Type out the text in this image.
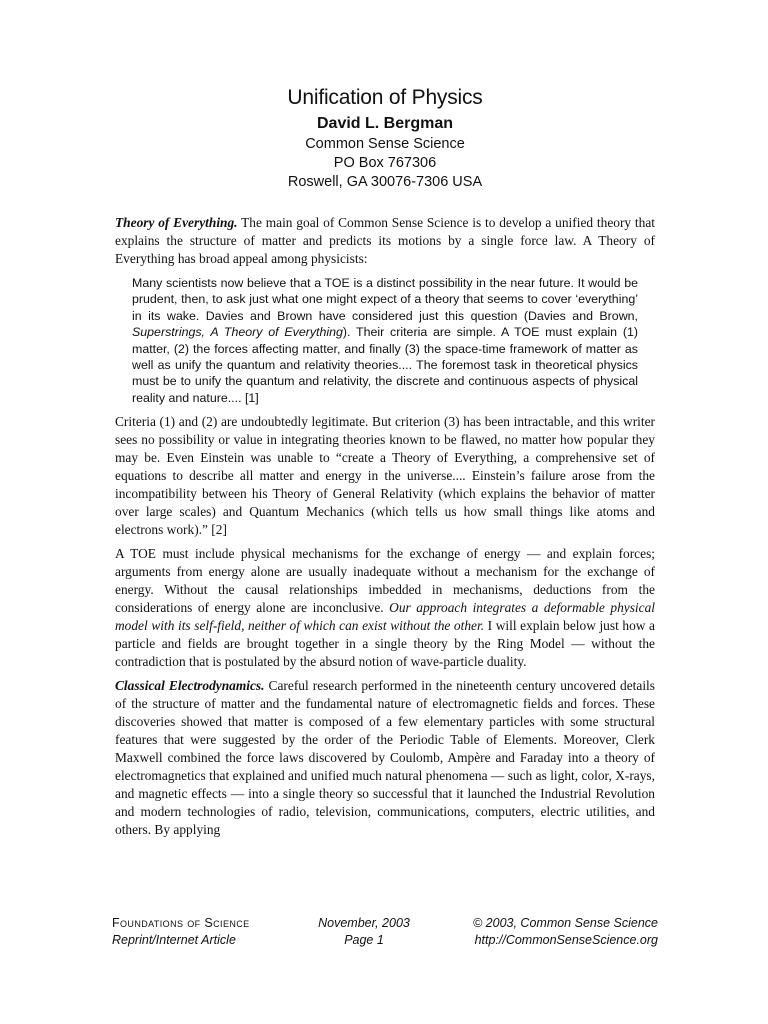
Unification of Physics
David L. Bergman
Common Sense Science
PO Box 767306
Roswell, GA 30076-7306 USA

Theory of Everything. The main goal of Common Sense Science is to develop a unified theory that explains the structure of matter and predicts its motions by a single force law. A Theory of Everything has broad appeal among physicists:

Many scientists now believe that a TOE is a distinct possibility in the near future. It would be prudent, then, to ask just what one might expect of a theory that seems to cover ‘everything’ in its wake. Davies and Brown have considered just this question (Davies and Brown, Superstrings, A Theory of Everything). Their criteria are simple. A TOE must explain (1) matter, (2) the forces affecting matter, and finally (3) the space-time framework of matter as well as unify the quantum and relativity theories.... The foremost task in theoretical physics must be to unify the quantum and relativity, the discrete and continuous aspects of physical reality and nature.... [1]

Criteria (1) and (2) are undoubtedly legitimate. But criterion (3) has been intractable, and this writer sees no possibility or value in integrating theories known to be flawed, no matter how popular they may be. Even Einstein was unable to “create a Theory of Everything, a comprehensive set of equations to describe all matter and energy in the universe.... Einstein’s failure arose from the incompatibility between his Theory of General Relativity (which explains the behavior of matter over large scales) and Quantum Mechanics (which tells us how small things like atoms and electrons work).” [2]

A TOE must include physical mechanisms for the exchange of energy — and explain forces; arguments from energy alone are usually inadequate without a mechanism for the exchange of energy. Without the causal relationships imbedded in mechanisms, deductions from the considerations of energy alone are inconclusive. Our approach integrates a deformable physical model with its self-field, neither of which can exist without the other. I will explain below just how a particle and fields are brought together in a single theory by the Ring Model — without the contradiction that is postulated by the absurd notion of wave-particle duality.

Classical Electrodynamics. Careful research performed in the nineteenth century uncovered details of the structure of matter and the fundamental nature of electromagnetic fields and forces. These discoveries showed that matter is composed of a few elementary particles with some structural features that were suggested by the order of the Periodic Table of Elements. Moreover, Clerk Maxwell combined the force laws discovered by Coulomb, Ampère and Faraday into a theory of electromagnetics that explained and unified much natural phenomena — such as light, color, X-rays, and magnetic effects — into a single theory so successful that it launched the Industrial Revolution and modern technologies of radio, television, communications, computers, electric utilities, and others. By applying

Foundations of Science
Reprint/Internet Article
November, 2003
Page 1
© 2003, Common Sense Science
http://CommonSenseScience.org
